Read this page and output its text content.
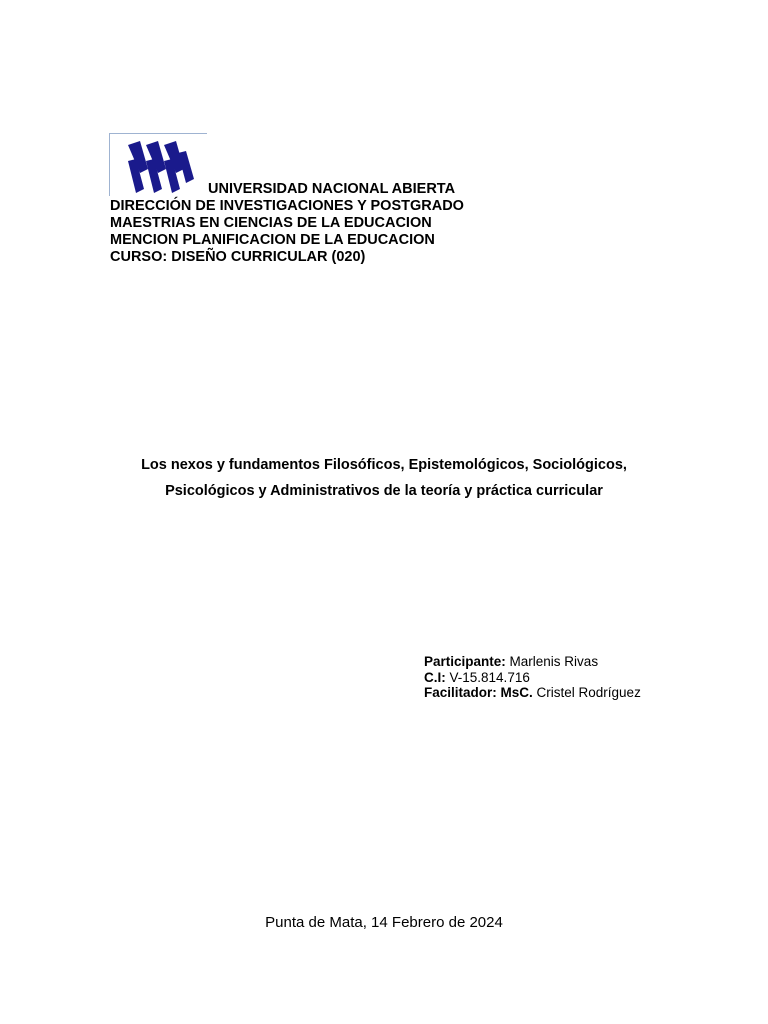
UNIVERSIDAD NACIONAL ABIERTA
DIRECCIÓN DE INVESTIGACIONES Y POSTGRADO
MAESTRIAS EN CIENCIAS DE LA EDUCACION
MENCION PLANIFICACION DE LA EDUCACION
CURSO: DISEÑO CURRICULAR (020)
Los nexos y fundamentos Filosóficos, Epistemológicos, Sociológicos,
Psicológicos y Administrativos de la teoría y práctica curricular
Participante: Marlenis Rivas
C.I: V-15.814.716
Facilitador: MsC. Cristel Rodríguez
Punta de Mata, 14 Febrero de 2024
